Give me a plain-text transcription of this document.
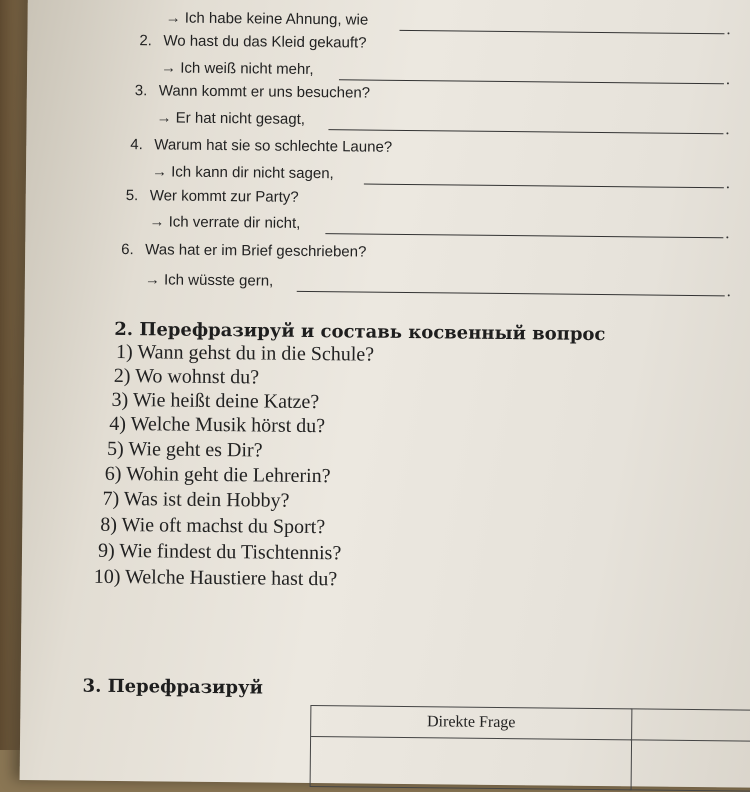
→ Ich habe keine Ahnung, wie
2. Wo hast du das Kleid gekauft?
→ Ich weiß nicht mehr,
3. Wann kommt er uns besuchen?
→ Er hat nicht gesagt,
4. Warum hat sie so schlechte Laune?
→ Ich kann dir nicht sagen,
5. Wer kommt zur Party?
→ Ich verrate dir nicht,
6. Was hat er im Brief geschrieben?
→ Ich wüsste gern,
2. Перефразируй и составь косвенный вопрос
1) Wann gehst du in die Schule?
2) Wo wohnst du?
3) Wie heißt deine Katze?
4) Welche Musik hörst du?
5) Wie geht es Dir?
6) Wohin geht die Lehrerin?
7) Was ist dein Hobby?
8) Wie oft machst du Sport?
9) Wie findest du Tischtennis?
10) Welche Haustiere hast du?
3. Перефразируй
Direkte Frage
